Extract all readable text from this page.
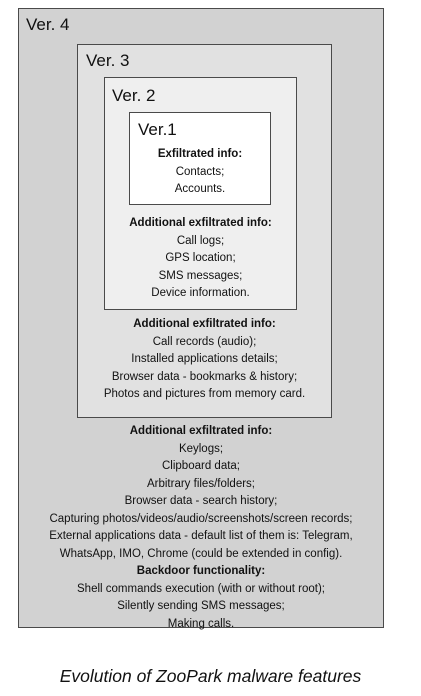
Ver. 4
Ver. 3
Ver. 2
Ver.1
Exfiltrated info:
Contacts;
Accounts.
Additional exfiltrated info:
Call logs;
GPS location;
SMS messages;
Device information.
Additional exfiltrated info:
Call records (audio);
Installed applications details;
Browser data - bookmarks & history;
Photos and pictures from memory card.
Additional exfiltrated info:
Keylogs;
Clipboard data;
Arbitrary files/folders;
Browser data - search history;
Capturing photos/videos/audio/screenshots/screen records;
External applications data - default list of them is: Telegram,
WhatsApp, IMO, Chrome (could be extended in config).
Backdoor functionality:
Shell commands execution (with or without root);
Silently sending SMS messages;
Making calls.
Evolution of ZooPark malware features
